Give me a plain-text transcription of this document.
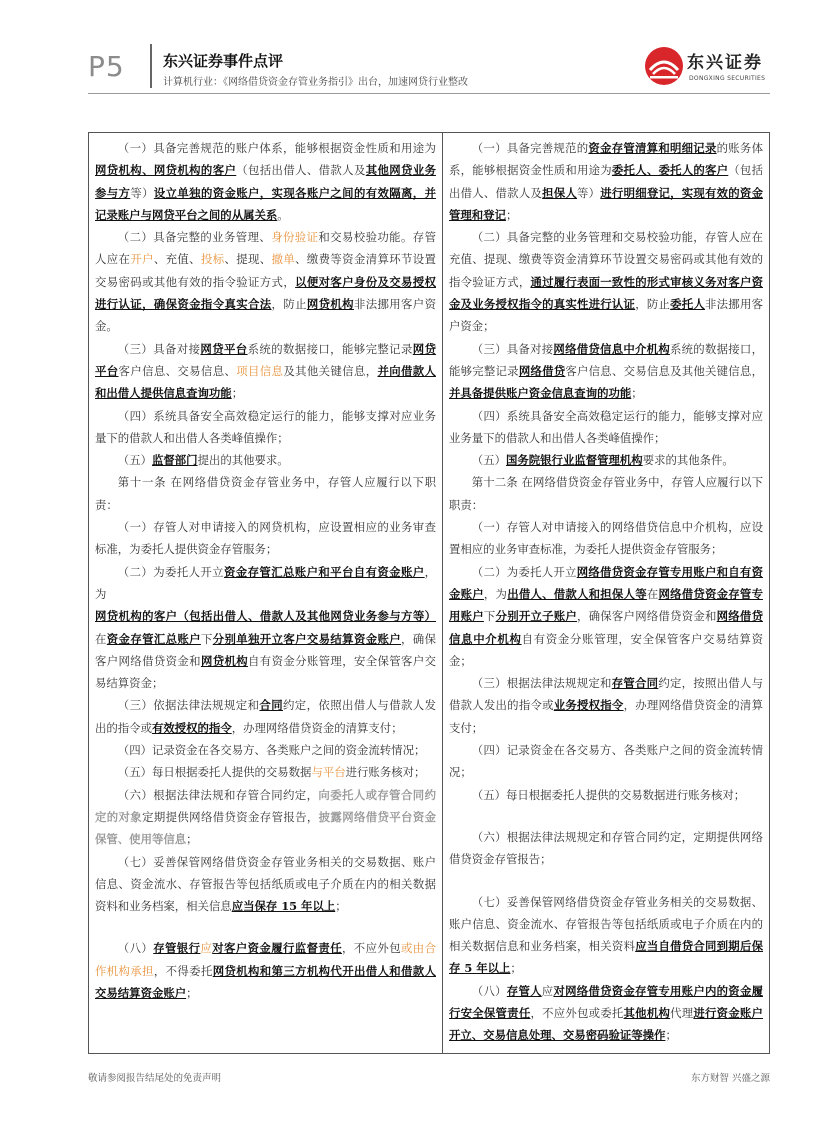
P5	东兴证券事件点评
计算机行业：《网络借贷资金存管业务指引》出台，加速网贷行业整改
东兴证券
DONGXING SECURITIES

（一）具备完善规范的账户体系，能够根据资金性质和用途为网贷机构、网贷机构的客户（包括出借人、借款人及其他网贷业务参与方等）设立单独的资金账户，实现各账户之间的有效隔离，并记录账户与网贷平台之间的从属关系。

（二）具备完整的业务管理、身份验证和交易校验功能。存管人应在开户、充值、投标、提现、撤单、缴费等资金清算环节设置交易密码或其他有效的指令验证方式，以便对客户身份及交易授权进行认证，确保资金指令真实合法，防止网贷机构非法挪用客户资金。

（三）具备对接网贷平台系统的数据接口，能够完整记录网贷平台客户信息、交易信息、项目信息及其他关键信息，并向借款人和出借人提供信息查询功能；

（四）系统具备安全高效稳定运行的能力，能够支撑对应业务量下的借款人和出借人各类峰值操作；

（五）监督部门提出的其他要求。

第十一条 在网络借贷资金存管业务中，存管人应履行以下职责：

（一）存管人对申请接入的网贷机构，应设置相应的业务审查标准，为委托人提供资金存管服务；

（二）为委托人开立资金存管汇总账户和平台自有资金账户，为网贷机构的客户（包括出借人、借款人及其他网贷业务参与方等）在资金存管汇总账户下分别单独开立客户交易结算资金账户，确保客户网络借贷资金和网贷机构自有资金分账管理，安全保管客户交易结算资金；

（三）依据法律法规规定和合同约定，依照出借人与借款人发出的指令或有效授权的指令，办理网络借贷资金的清算支付；

（四）记录资金在各交易方、各类账户之间的资金流转情况；

（五）每日根据委托人提供的交易数据与平台进行账务核对；

（六）根据法律法规和存管合同约定，向委托人或存管合同约定的对象定期提供网络借贷资金存管报告，披露网络借贷平台资金保管、使用等信息；

（七）妥善保管网络借贷资金存管业务相关的交易数据、账户信息、资金流水、存管报告等包括纸质或电子介质在内的相关数据资料和业务档案，相关信息应当保存 15 年以上；

（八）存管银行应对客户资金履行监督责任，不应外包或由合作机构承担，不得委托网贷机构和第三方机构代开出借人和借款人交易结算资金账户；

（一）具备完善规范的资金存管清算和明细记录的账务体系，能够根据资金性质和用途为委托人、委托人的客户（包括出借人、借款人及担保人等）进行明细登记，实现有效的资金管理和登记；

（二）具备完整的业务管理和交易校验功能，存管人应在充值、提现、缴费等资金清算环节设置交易密码或其他有效的指令验证方式，通过履行表面一致性的形式审核义务对客户资金及业务授权指令的真实性进行认证，防止委托人非法挪用客户资金；

（三）具备对接网络借贷信息中介机构系统的数据接口，能够完整记录网络借贷客户信息、交易信息及其他关键信息，并具备提供账户资金信息查询的功能；

（四）系统具备安全高效稳定运行的能力，能够支撑对应业务量下的借款人和出借人各类峰值操作；

（五）国务院银行业监督管理机构要求的其他条件。

第十二条 在网络借贷资金存管业务中，存管人应履行以下职责：

（一）存管人对申请接入的网络借贷信息中介机构，应设置相应的业务审查标准，为委托人提供资金存管服务；

（二）为委托人开立网络借贷资金存管专用账户和自有资金账户，为出借人、借款人和担保人等在网络借贷资金存管专用账户下分别开立子账户，确保客户网络借贷资金和网络借贷信息中介机构自有资金分账管理，安全保管客户交易结算资金；

（三）根据法律法规规定和存管合同约定，按照出借人与借款人发出的指令或业务授权指令，办理网络借贷资金的清算支付；

（四）记录资金在各交易方、各类账户之间的资金流转情况；

（五）每日根据委托人提供的交易数据进行账务核对；

（六）根据法律法规规定和存管合同约定，定期提供网络借贷资金存管报告；

（七）妥善保管网络借贷资金存管业务相关的交易数据、账户信息、资金流水、存管报告等包括纸质或电子介质在内的相关数据信息和业务档案，相关资料应当自借贷合同到期后保存 5 年以上；

（八）存管人应对网络借贷资金存管专用账户内的资金履行安全保管责任，不应外包或委托其他机构代理进行资金账户开立、交易信息处理、交易密码验证等操作；

敬请参阅报告结尾处的免责声明	东方财智 兴盛之源
